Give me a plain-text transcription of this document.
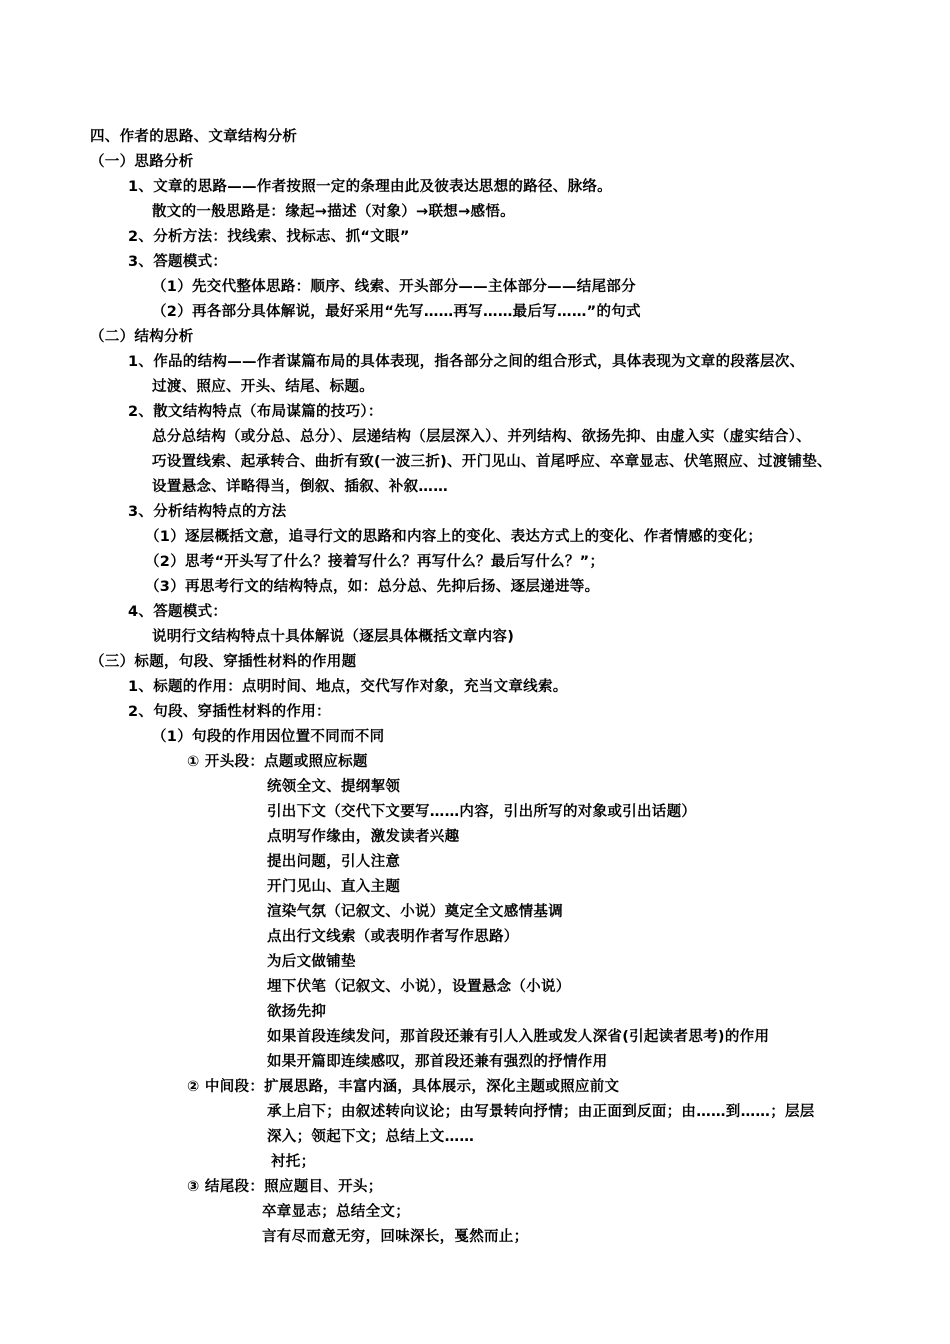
四、作者的思路、文章结构分析
（一）思路分析
1、文章的思路——作者按照一定的条理由此及彼表达思想的路径、脉络。
散文的一般思路是：缘起→描述（对象）→联想→感悟。
2、分析方法：找线索、找标志、抓“文眼”
3、答题模式：
（1）先交代整体思路：顺序、线索、开头部分——主体部分——结尾部分
（2）再各部分具体解说，最好采用“先写……再写……最后写……”的句式
（二）结构分析
1、作品的结构——作者谋篇布局的具体表现，指各部分之间的组合形式，具体表现为文章的段落层次、
过渡、照应、开头、结尾、标题。
2、散文结构特点（布局谋篇的技巧）：
总分总结构（或分总、总分）、层递结构（层层深入）、并列结构、欲扬先抑、由虚入实（虚实结合）、
巧设置线索、起承转合、曲折有致(一波三折)、开门见山、首尾呼应、卒章显志、伏笔照应、过渡铺垫、
设置悬念、详略得当，倒叙、插叙、补叙……
3、分析结构特点的方法
（1）逐层概括文意，追寻行文的思路和内容上的变化、表达方式上的变化、作者情感的变化；
（2）思考“开头写了什么？接着写什么？再写什么？最后写什么？”；
（3）再思考行文的结构特点，如：总分总、先抑后扬、逐层递进等。
4、答题模式：
说明行文结构特点十具体解说（逐层具体概括文章内容)
（三）标题，句段、穿插性材料的作用题
1、标题的作用：点明时间、地点，交代写作对象，充当文章线索。
2、句段、穿插性材料的作用：
（1）句段的作用因位置不同而不同
① 开头段：点题或照应标题
统领全文、提纲挈领
引出下文（交代下文要写……内容，引出所写的对象或引出话题）
点明写作缘由，激发读者兴趣
提出问题，引人注意
开门见山、直入主题
渲染气氛（记叙文、小说）奠定全文感情基调
点出行文线索（或表明作者写作思路）
为后文做铺垫
埋下伏笔（记叙文、小说），设置悬念（小说）
欲扬先抑
如果首段连续发问，那首段还兼有引人入胜或发人深省(引起读者思考)的作用
如果开篇即连续感叹，那首段还兼有强烈的抒情作用
② 中间段：扩展思路，丰富内涵，具体展示，深化主题或照应前文
承上启下；由叙述转向议论；由写景转向抒情；由正面到反面；由……到……；层层
深入；领起下文；总结上文……
衬托；
③ 结尾段：照应题目、开头；
卒章显志；总结全文；
言有尽而意无穷，回味深长，戛然而止；
